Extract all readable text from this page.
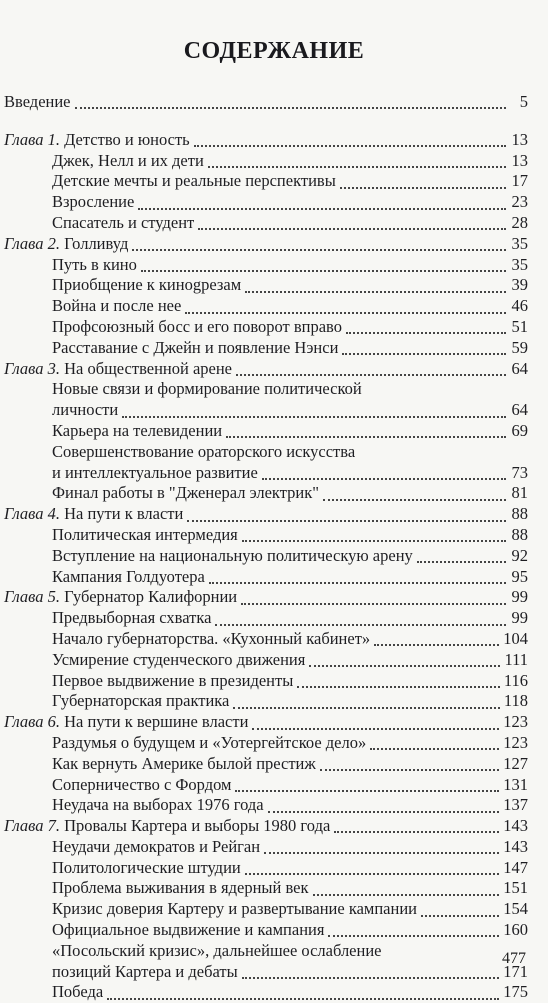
СОДЕРЖАНИЕ
Введение	5
Глава 1. Детство и юность	13
Джек, Нелл и их дети	13
Детские мечты и реальные перспективы	17
Взросление	23
Спасатель и студент	28
Глава 2. Голливуд	35
Путь в кино	35
Приобщение к кинogрезам	39
Война и после нее	46
Профсоюзный босс и его поворот вправо	51
Расставание с Джейн и появление Нэнси	59
Глава 3. На общественной арене	64
Новые связи и формирование политической
личности	64
Карьера на телевидении	69
Совершенствование ораторского искусства
и интеллектуальное развитие	73
Финал работы в "Дженерал электрик"	81
Глава 4. На пути к власти	88
Политическая интермедия	88
Вступление на национальную политическую арену	92
Кампания Голдуотера	95
Глава 5. Губернатор Калифорнии	99
Предвыборная схватка	99
Начало губернаторства. «Кухонный кабинет»	104
Усмирение студенческого движения	111
Первое выдвижение в президенты	116
Губернаторская практика	118
Глава 6. На пути к вершине власти	123
Раздумья о будущем и «Уотергейтское дело»	123
Как вернуть Америке былой престиж	127
Соперничество с Фордом	131
Неудача на выборах 1976 года	137
Глава 7. Провалы Картера и выборы 1980 года	143
Неудачи демократов и Рейган	143
Политологические штудии	147
Проблема выживания в ядерный век	151
Кризис доверия Картеру и развертывание кампании	154
Официальное выдвижение и кампания	160
«Посольский кризис», дальнейшее ослабление
позиций Картера и дебаты	171
Победа	175
477
